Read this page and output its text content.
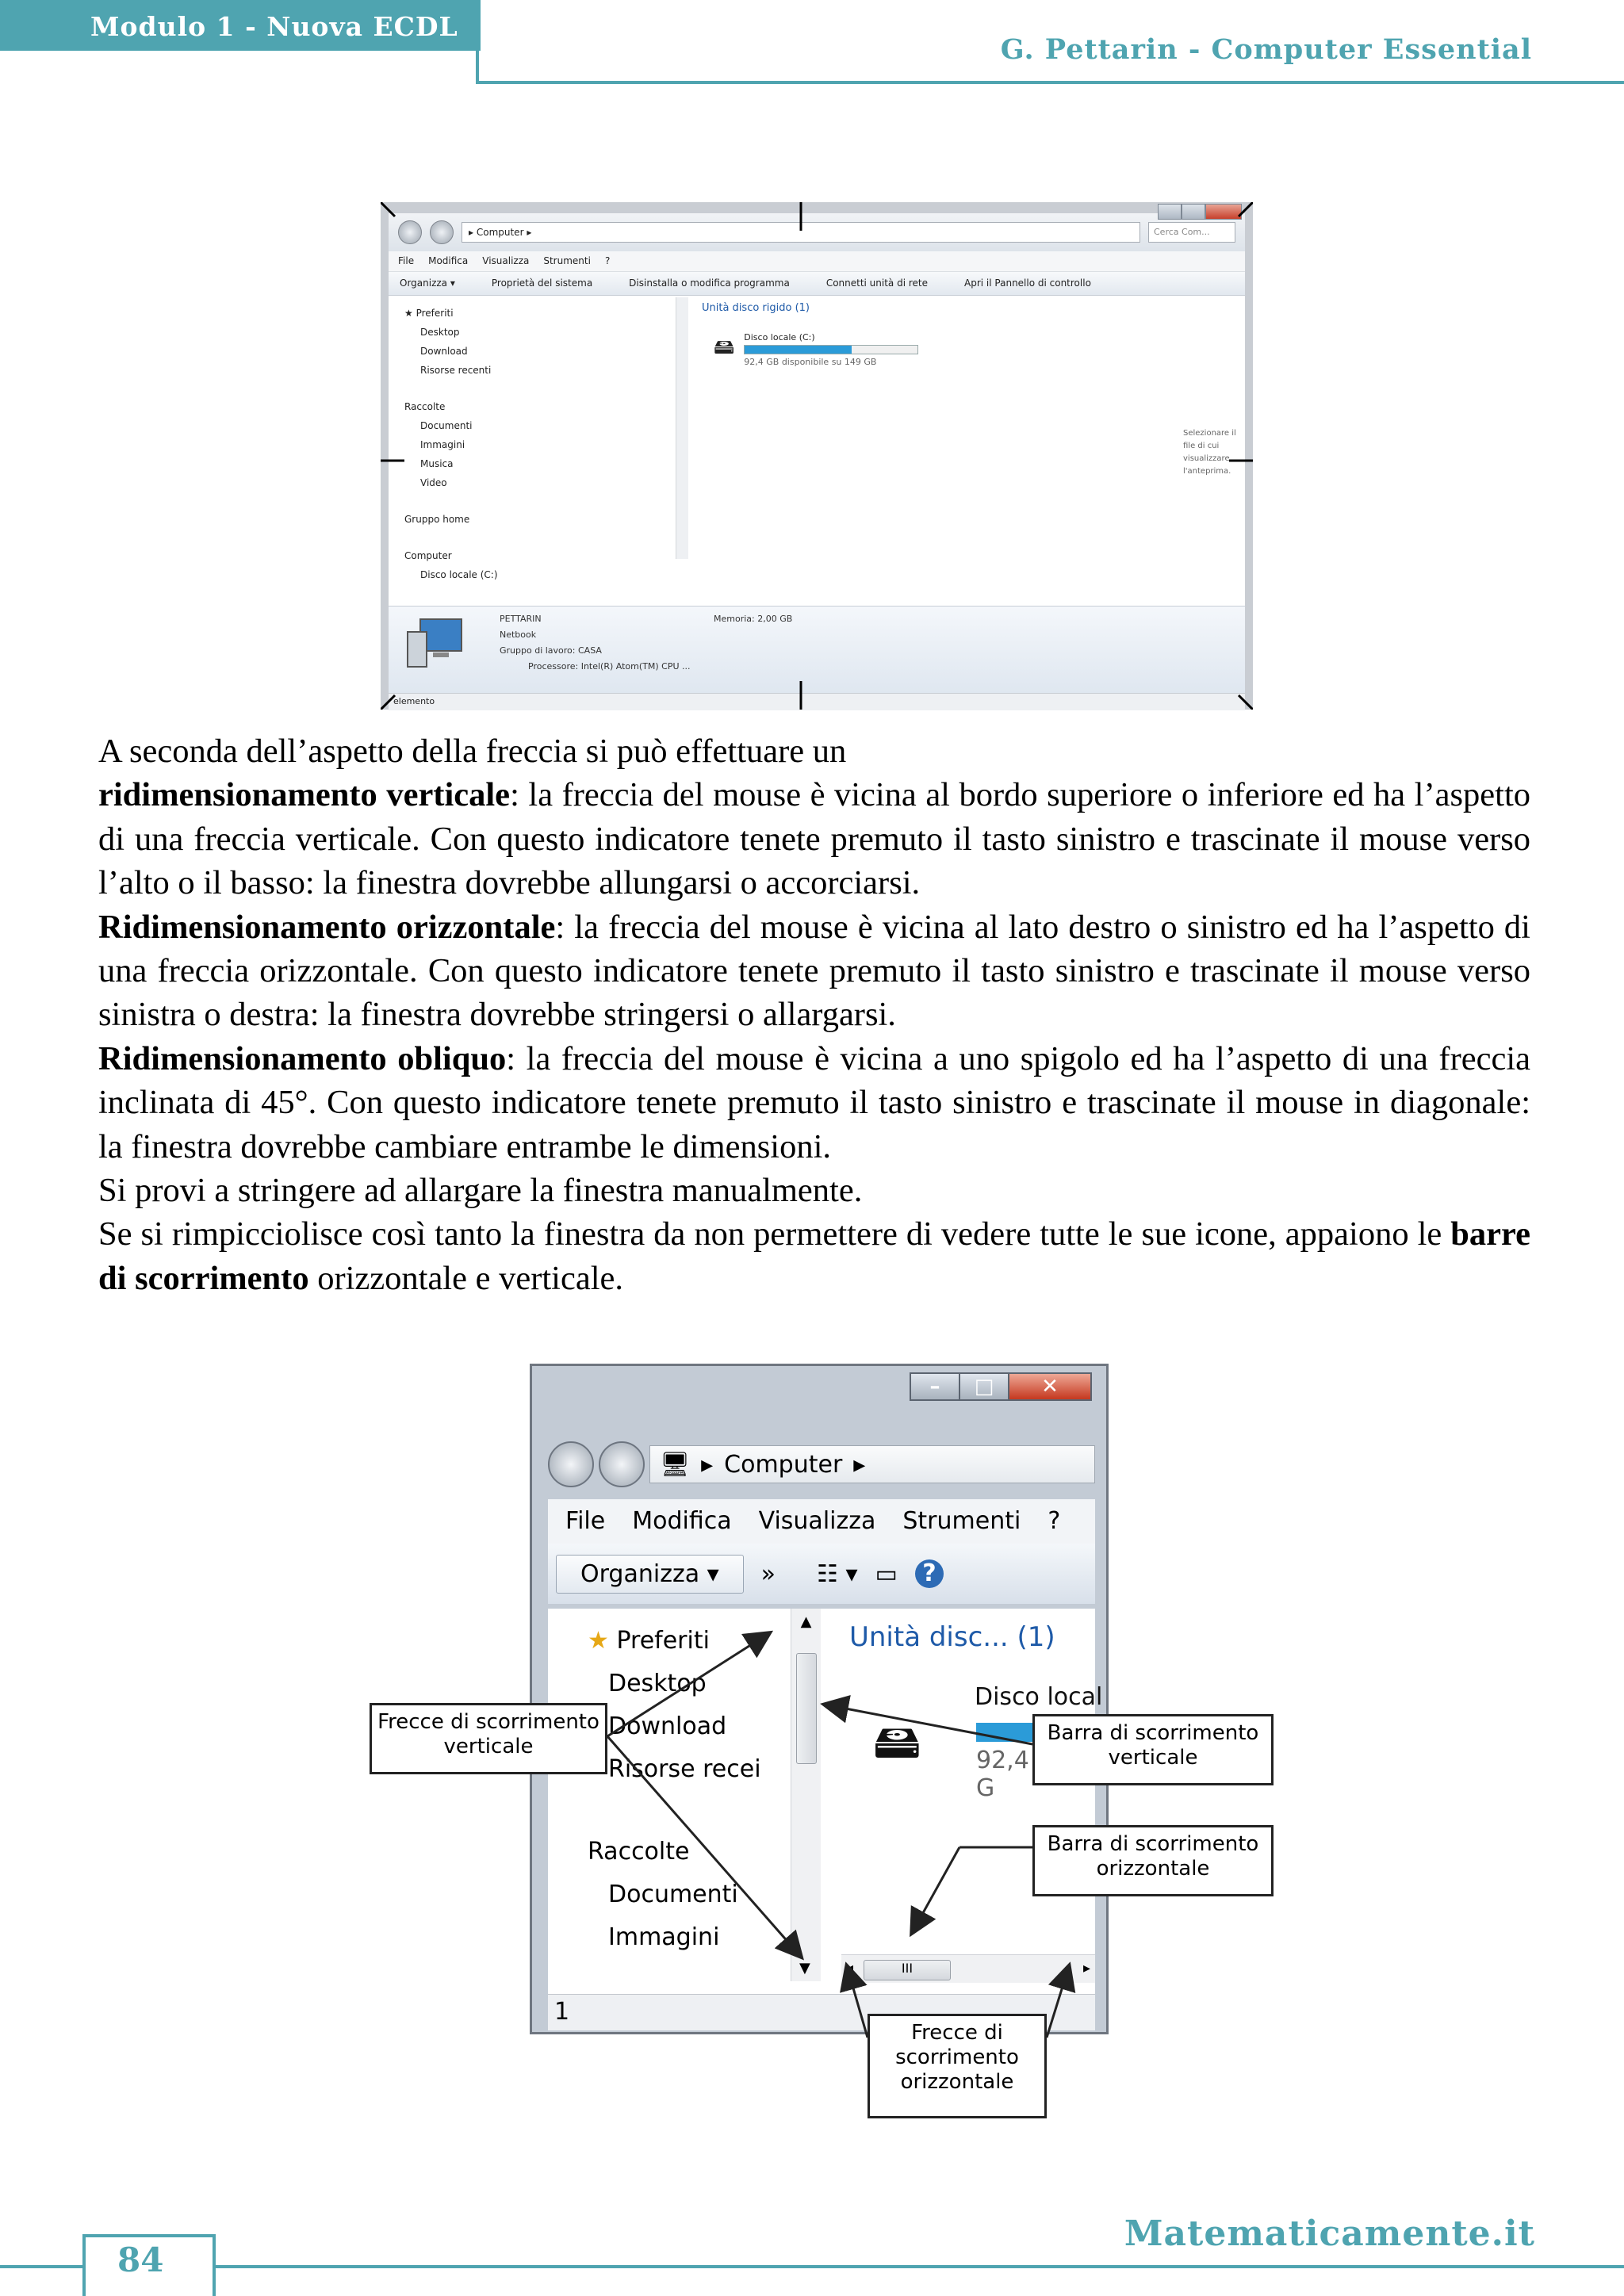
Modulo 1 - Nuova ECDL
G. Pettarin - Computer Essential
▸ Computer ▸	Cerca Com...
File Modifica Visualizza Strumenti ?
Organizza ▾	Proprietà del sistema	Disinstalla o modifica programma	Connetti unità di rete	Apri il Pannello di controllo
★ Preferiti
Desktop
Download
Risorse recenti
Raccolte
Documenti
Immagini
Musica
Video
Gruppo home
Computer
Disco locale (C:)
Unità disco rigido (1)
🖴 Disco locale (C:)
92,4 GB disponibile su 149 GB
Selezionare il file di cui visualizzare l'anteprima.
PETTARIN
Netbook
Gruppo di lavoro: CASA
Processore: Intel(R) Atom(TM) CPU ...
Memoria: 2,00 GB
elemento

A seconda dell’aspetto della freccia si può effettuare un

ridimensionamento verticale: la freccia del mouse è vicina al bordo superiore o inferiore ed ha l’aspetto di una freccia verticale. Con questo indicatore tenete premuto il tasto sinistro e trascinate il mouse verso l’alto o il basso: la finestra dovrebbe allungarsi o accorciarsi.

Ridimensionamento orizzontale: la freccia del mouse è vicina al lato destro o sinistro ed ha l’aspetto di una freccia orizzontale. Con questo indicatore tenete premuto il tasto sinistro e trascinate il mouse verso sinistra o destra: la finestra dovrebbe stringersi o allargarsi.

Ridimensionamento obliquo: la freccia del mouse è vicina a uno spigolo ed ha l’aspetto di una freccia inclinata di 45°. Con questo indicatore tenete premuto il tasto sinistro e trascinate il mouse in diagonale: la finestra dovrebbe cambiare entrambe le dimensioni.

Si provi a stringere ad allargare la finestra manualmente.

Se si rimpicciolisce così tanto la finestra da non permettere di vedere tutte le sue icone, appaiono le barre di scorrimento orizzontale e verticale.

–	□	✕
🖥 ▸ Computer ▸
File Modifica Visualizza Strumenti ?
Organizza ▾	» ☷ ▾ ▭	?
★ Preferiti
Desktop
Download
Risorse recei
Raccolte
Documenti
Immagini
▲
▼
Unità disc... (1)
🖴
Disco local
92,4 G
◂	III	▸
1
Frecce di scorrimento verticale
Barra di scorrimento verticale
Barra di scorrimento orizzontale
Frecce di scorrimento orizzontale
84
Matematicamente.it
